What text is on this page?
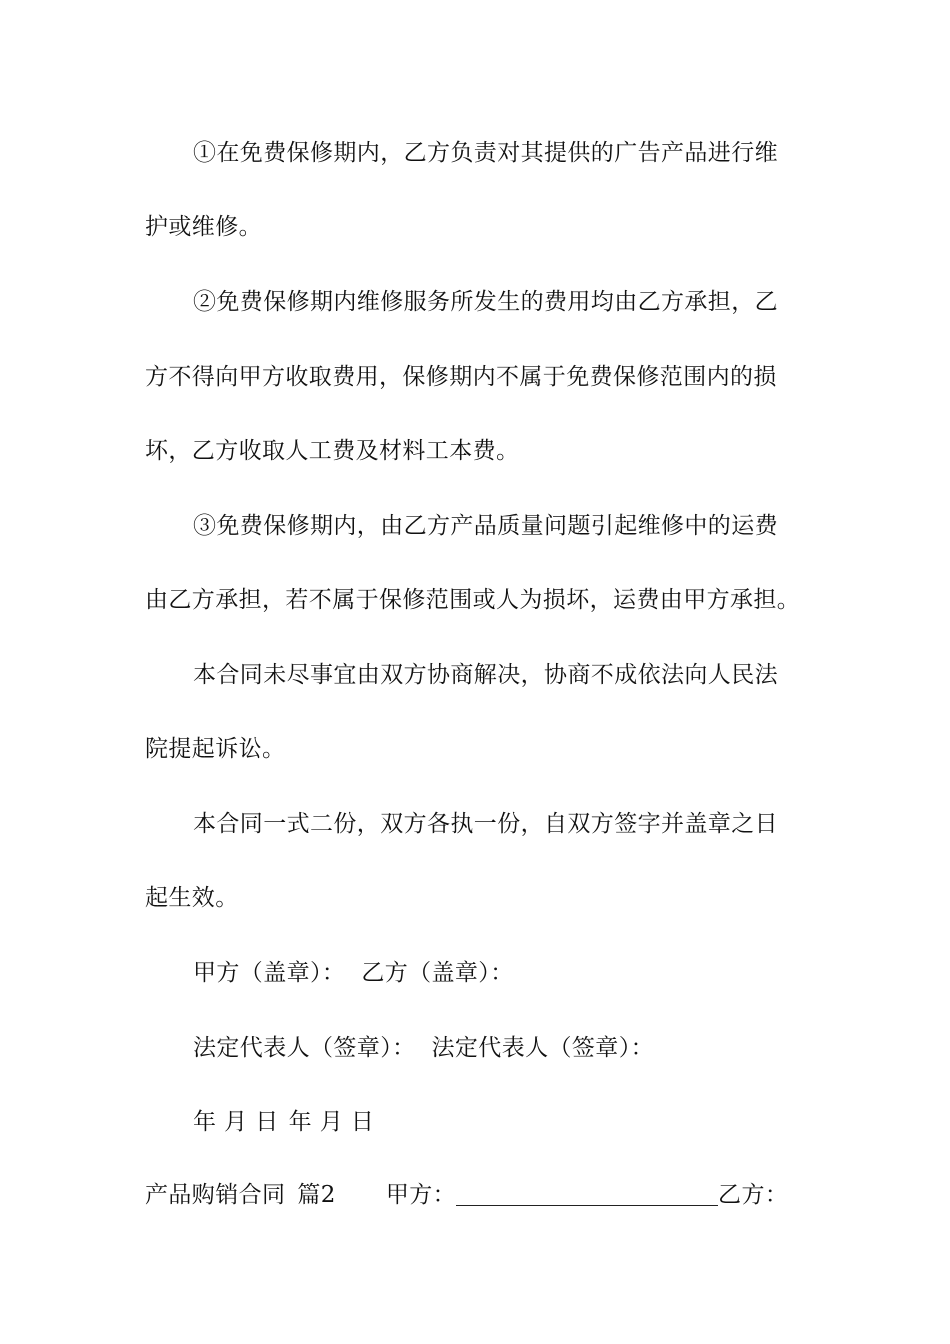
①在免费保修期内，乙方负责对其提供的广告产品进行维
护或维修。
②免费保修期内维修服务所发生的费用均由乙方承担，乙
方不得向甲方收取费用，保修期内不属于免费保修范围内的损
坏，乙方收取人工费及材料工本费。
③免费保修期内，由乙方产品质量问题引起维修中的运费
由乙方承担，若不属于保修范围或人为损坏，运费由甲方承担。
本合同未尽事宜由双方协商解决，协商不成依法向人民法
院提起诉讼。
本合同一式二份，双方各执一份，自双方签字并盖章之日
起生效。
甲方（盖章）： 乙方（盖章）：
法定代表人（签章）： 法定代表人（签章）：
年 月 日 年 月 日
产品购销合同 篇2 甲方：	乙方：
